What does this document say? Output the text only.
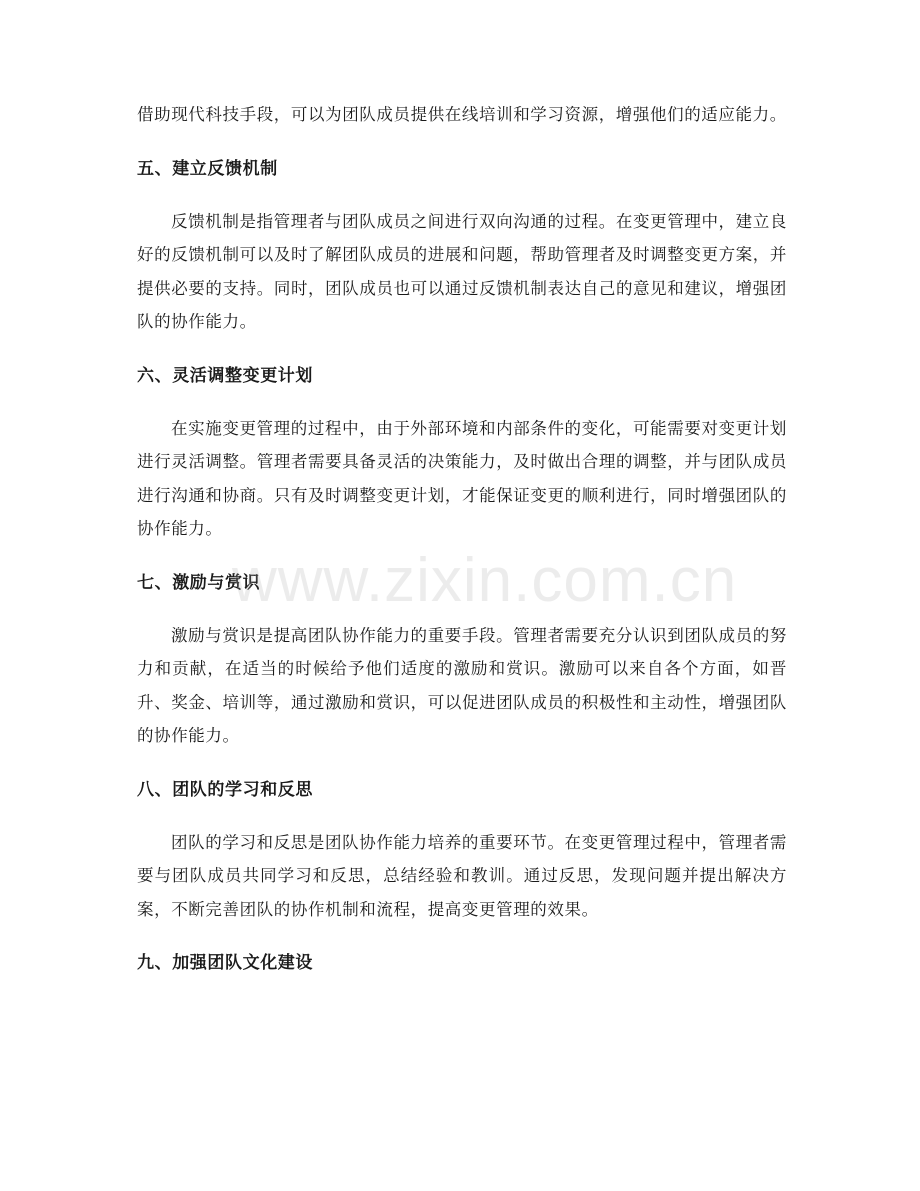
借助现代科技手段，可以为团队成员提供在线培训和学习资源，增强他们的适应能力。

五、建立反馈机制

反馈机制是指管理者与团队成员之间进行双向沟通的过程。在变更管理中，建立良好的反馈机制可以及时了解团队成员的进展和问题，帮助管理者及时调整变更方案，并提供必要的支持。同时，团队成员也可以通过反馈机制表达自己的意见和建议，增强团队的协作能力。

六、灵活调整变更计划

在实施变更管理的过程中，由于外部环境和内部条件的变化，可能需要对变更计划进行灵活调整。管理者需要具备灵活的决策能力，及时做出合理的调整，并与团队成员进行沟通和协商。只有及时调整变更计划，才能保证变更的顺利进行，同时增强团队的协作能力。

七、激励与赏识

激励与赏识是提高团队协作能力的重要手段。管理者需要充分认识到团队成员的努力和贡献，在适当的时候给予他们适度的激励和赏识。激励可以来自各个方面，如晋升、奖金、培训等，通过激励和赏识，可以促进团队成员的积极性和主动性，增强团队的协作能力。

八、团队的学习和反思

团队的学习和反思是团队协作能力培养的重要环节。在变更管理过程中，管理者需要与团队成员共同学习和反思，总结经验和教训。通过反思，发现问题并提出解决方案，不断完善团队的协作机制和流程，提高变更管理的效果。

九、加强团队文化建设
www.zixin.com.cn
